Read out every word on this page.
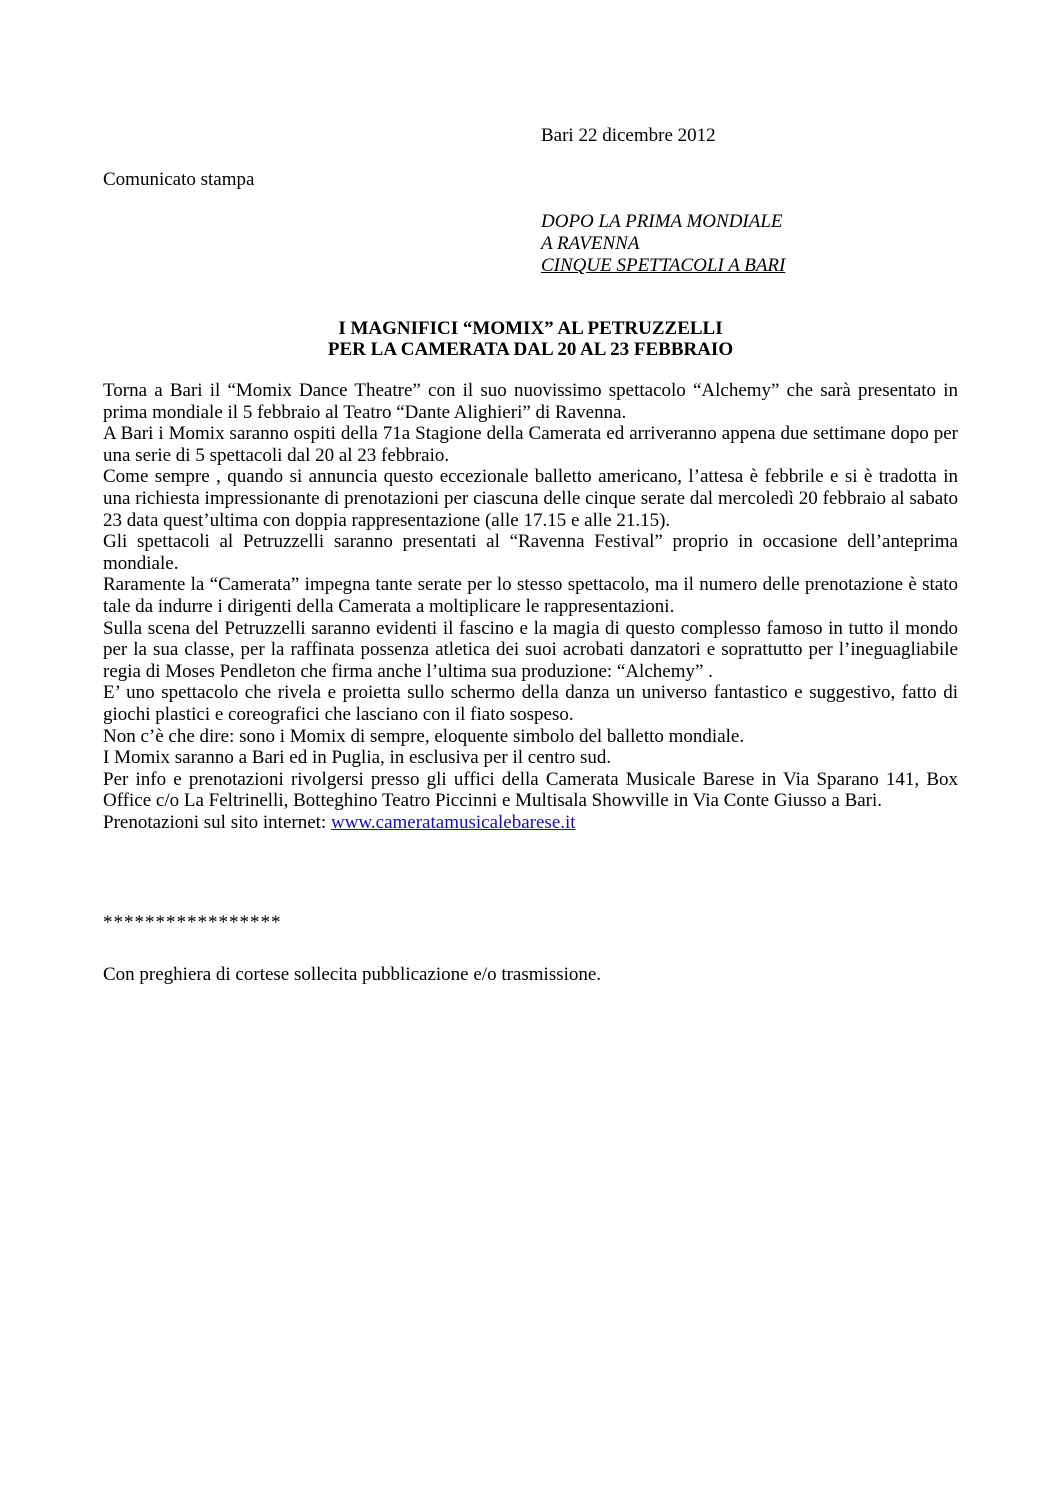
Bari 22 dicembre 2012
Comunicato stampa
DOPO LA PRIMA MONDIALE
A RAVENNA
CINQUE SPETTACOLI A BARI
I MAGNIFICI “MOMIX” AL PETRUZZELLI
PER LA CAMERATA DAL 20 AL 23 FEBBRAIO

Torna a Bari il “Momix Dance Theatre” con il suo nuovissimo spettacolo “Alchemy” che sarà presentato in prima mondiale il 5 febbraio al Teatro “Dante Alighieri” di Ravenna.

A Bari i Momix saranno ospiti della 71a Stagione della Camerata ed arriveranno appena due settimane dopo per una serie di 5 spettacoli dal 20 al 23 febbraio.

Come sempre , quando si annuncia questo eccezionale balletto americano, l’attesa è febbrile e si è tradotta in una richiesta impressionante di prenotazioni per ciascuna delle cinque serate dal mercoledì 20 febbraio al sabato 23 data quest’ultima con doppia rappresentazione (alle 17.15 e alle 21.15).

Gli spettacoli al Petruzzelli saranno presentati al “Ravenna Festival” proprio in occasione dell’anteprima mondiale.

Raramente la “Camerata” impegna tante serate per lo stesso spettacolo, ma il numero delle prenotazione è stato tale da indurre i dirigenti della Camerata a moltiplicare le rappresentazioni.

Sulla scena del Petruzzelli saranno evidenti il fascino e la magia di questo complesso famoso in tutto il mondo per la sua classe, per la raffinata possenza atletica dei suoi acrobati danzatori e soprattutto per l’ineguagliabile regia di Moses Pendleton che firma anche l’ultima sua produzione: “Alchemy” .

E’ uno spettacolo che rivela e proietta sullo schermo della danza un universo fantastico e suggestivo, fatto di giochi plastici e coreografici che lasciano con il fiato sospeso.

Non c’è che dire: sono i Momix di sempre, eloquente simbolo del balletto mondiale.

I Momix saranno a Bari ed in Puglia, in esclusiva per il centro sud.

Per info e prenotazioni rivolgersi presso gli uffici della Camerata Musicale Barese in Via Sparano 141, Box Office c/o La Feltrinelli, Botteghino Teatro Piccinni e Multisala Showville in Via Conte Giusso a Bari.

Prenotazioni sul sito internet: www.cameratamusicalebarese.it

*****************
Con preghiera di cortese sollecita pubblicazione e/o trasmissione.
